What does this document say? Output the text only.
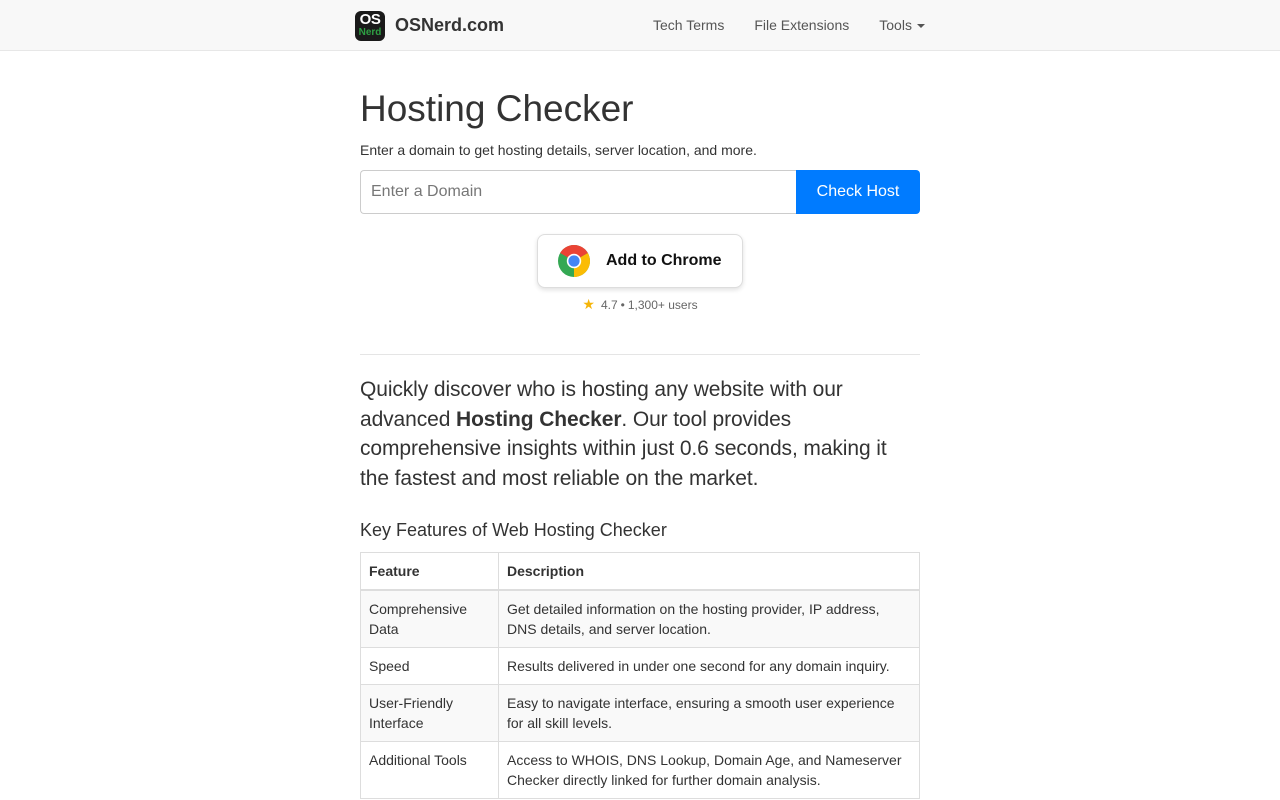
OS
Nerd OSNerd.com	Tech Terms	File Extensions	Tools
Hosting Checker

Enter a domain to get hosting details, server location, and more.

Enter a Domain
Check Host
Add to Chrome
★ 4.7 • 1,300+ users

Quickly discover who is hosting any website with our advanced Hosting Checker. Our tool provides comprehensive insights within just 0.6 seconds, making it the fastest and most reliable on the market.

Key Features of Web Hosting Checker
Feature	Description
Comprehensive Data	Get detailed information on the hosting provider, IP address, DNS details, and server location.
Speed	Results delivered in under one second for any domain inquiry.
User-Friendly Interface	Easy to navigate interface, ensuring a smooth user experience for all skill levels.
Additional Tools	Access to WHOIS, DNS Lookup, Domain Age, and Nameserver Checker directly linked for further domain analysis.
